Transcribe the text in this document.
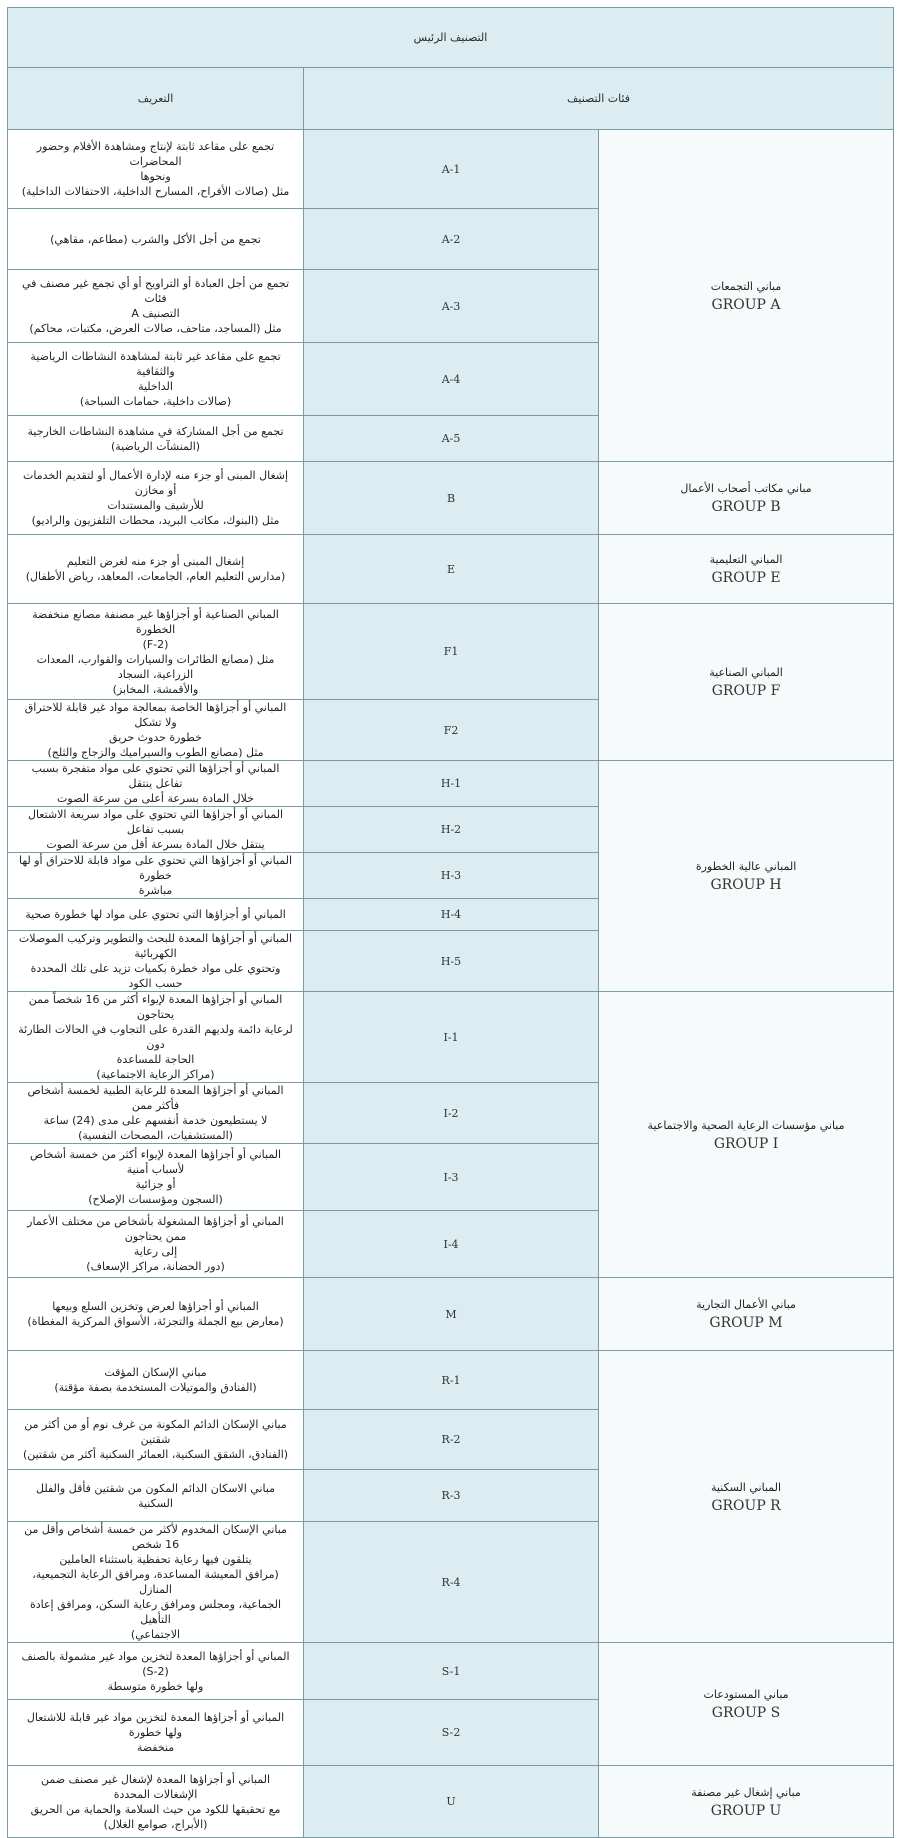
التصنيف الرئيس		
فئات التصنيف		التعريف

مباني التجمعات
GROUP A	A-1	تجمع على مقاعد ثابتة لإنتاج ومشاهدة الأفلام وحضور المحاضرات
ونحوها
مثل (صالات الأفراح، المسارح الداخلية، الاحتفالات الداخلية)

	A-2	تجمع من أجل الأكل والشرب (مطاعم، مقاهي)

	A-3	تجمع من أجل العبادة أو التراويح أو أي تجمع غير مصنف في فئات
التصنيف A
مثل (المساجد، متاحف، صالات العرض، مكتبات، محاكم)

	A-4	تجمع على مقاعد غير ثابتة لمشاهدة النشاطات الرياضية والثقافية
الداخلية
(صالات داخلية، حمامات السباحة)

	A-5	تجمع من أجل المشاركة في مشاهدة النشاطات الخارجية
(المنشآت الرياضية)

مباني مكاتب أصحاب الأعمال
GROUP B	B	إشغال المبنى أو جزء منه لإدارة الأعمال أو لتقديم الخدمات أو مخازن
للأرشيف والمستندات
مثل (البنوك، مكاتب البريد، محطات التلفزيون والراديو)

المباني التعليمية
GROUP E	E	إشغال المبنى أو جزء منه لغرض التعليم
(مدارس التعليم العام، الجامعات، المعاهد، رياض الأطفال)

المباني الصناعية
GROUP F	F1	المباني الصناعية أو أجزاؤها غير مصنفة مصانع منخفضة الخطورة
(F-2)
مثل (مصانع الطائرات والسيارات والقوارب، المعدات الزراعية، السجاد
والأقمشة، المخابز)

	F2	المباني أو أجزاؤها الخاصة بمعالجة مواد غير قابلة للاحتراق ولا تشكل
خطورة حدوث حريق
مثل (مصانع الطوب والسيراميك والزجاج والثلج)

المباني عالية الخطورة
GROUP H	H-1	المباني أو أجزاؤها التي تحتوي على مواد متفجرة بسبب تفاعل ينتقل
خلال المادة بسرعة أعلى من سرعة الصوت

	H-2	المباني أو أجزاؤها التي تحتوي على مواد سريعة الاشتعال بسبب تفاعل
ينتقل خلال المادة بسرعة أقل من سرعة الصوت

	H-3	المباني أو أجزاؤها التي تحتوي على مواد قابلة للاحتراق أو لها خطورة
مباشرة

	H-4	المباني أو أجزاؤها التي تحتوي على مواد لها خطورة صحية

	H-5	المباني أو أجزاؤها المعدة للبحث والتطوير وتركيب الموصلات الكهربائية
وتحتوي على مواد خطرة بكميات تزيد على تلك المحددة حسب الكود

مباني مؤسسات الرعاية الصحية والاجتماعية
GROUP I	I-1	المباني أو أجزاؤها المعدة لإيواء أكثر من 16 شخصاً ممن يحتاجون
لرعاية دائمة ولديهم القدرة على التجاوب في الحالات الطارئة دون
الحاجة للمساعدة
(مراكز الرعاية الاجتماعية)

	I-2	المباني أو أجزاؤها المعدة للرعاية الطبية لخمسة أشخاص فأكثر ممن
لا يستطيعون خدمة أنفسهم على مدى (24) ساعة
(المستشفيات، المصحات النفسية)

	I-3	المباني أو أجزاؤها المعدة لإيواء أكثر من خمسة أشخاص لأسباب أمنية
أو جزائية
(السجون ومؤسسات الإصلاح)

	I-4	المباني أو أجزاؤها المشغولة بأشخاص من مختلف الأعمار ممن يحتاجون
إلى رعاية
(دور الحضانة، مراكز الإسعاف)

مباني الأعمال التجارية
GROUP M	M	المباني أو أجزاؤها لعرض وتخزين السلع وبيعها
(معارض بيع الجملة والتجزئة، الأسواق المركزية المغطاة)

المباني السكنية
GROUP R	R-1	مباني الإسكان المؤقت
(الفنادق والموتيلات المستخدمة بصفة مؤقتة)

	R-2	مباني الإسكان الدائم المكونة من غرف نوم أو من أكثر من شقتين
(الفنادق، الشقق السكنية، العمائر السكنية أكثر من شقتين)

	R-3	مباني الاسكان الدائم المكون من شقتين فأقل والفلل السكنية

	R-4	مباني الإسكان المخدوم لأكثر من خمسة أشخاص وأقل من 16 شخص
يتلقون فيها رعاية تحفظية باستثناء العاملين
(مرافق المعيشة المساعدة، ومرافق الرعاية التجميعية، المنازل
الجماعية، ومجلس ومرافق رعاية السكن، ومرافق إعادة التأهيل
الاجتماعي)

مباني المستودعات
GROUP S	S-1	المباني أو أجزاؤها المعدة لتخزين مواد غير مشمولة بالصنف (S-2)
ولها خطورة متوسطة

	S-2	المباني أو أجزاؤها المعدة لتخزين مواد غير قابلة للاشتعال ولها خطورة
منخفضة

مباني إشغال غير مصنفة
GROUP U	U	المباني أو أجزاؤها المعدة لإشغال غير مصنف ضمن الإشغالات المحددة
مع تحقيقها للكود من حيث السلامة والحماية من الحريق
(الأبراج، صوامع الغلال)
